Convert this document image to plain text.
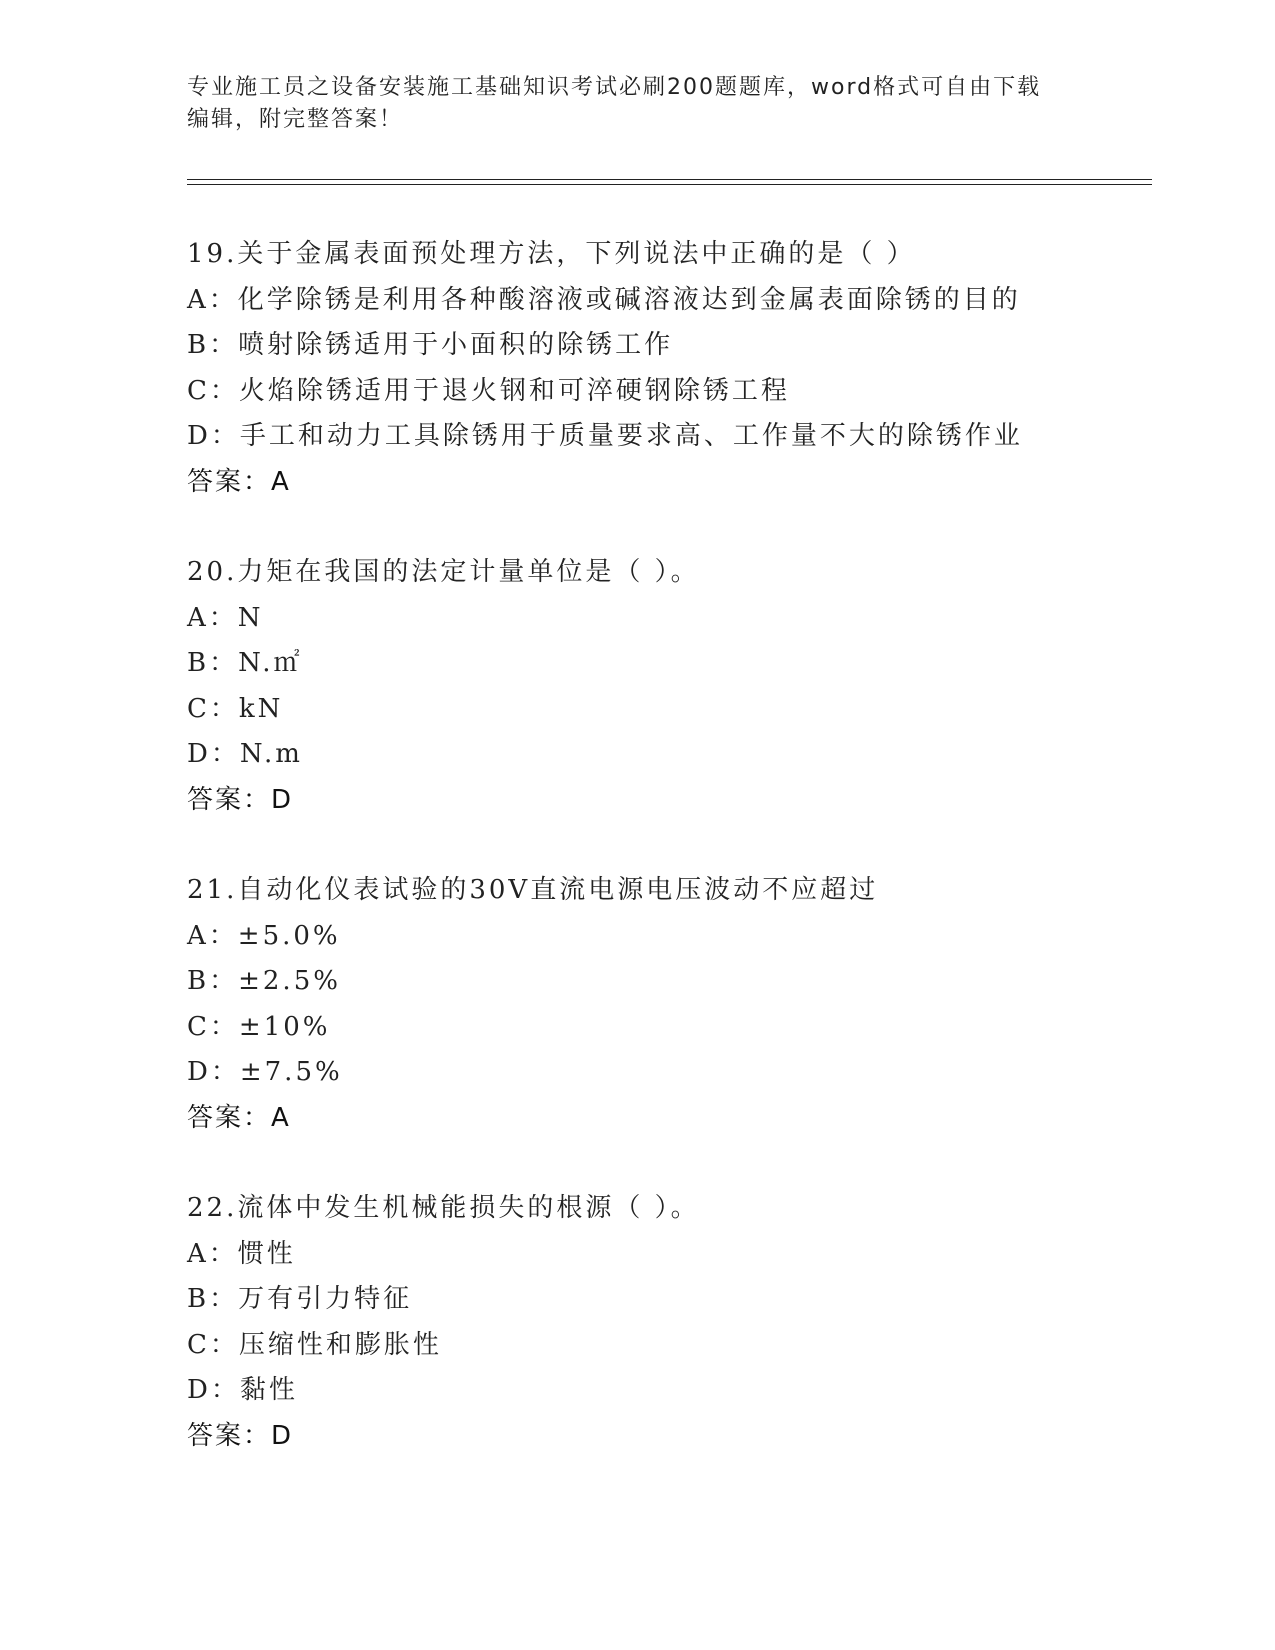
专业施工员之设备安装施工基础知识考试必刷200题题库，word格式可自由下载
编辑，附完整答案！
19.关于金属表面预处理方法，下列说法中正确的是（ ）
A：化学除锈是利用各种酸溶液或碱溶液达到金属表面除锈的目的
B：喷射除锈适用于小面积的除锈工作
C：火焰除锈适用于退火钢和可淬硬钢除锈工程
D：手工和动力工具除锈用于质量要求高、工作量不大的除锈作业
答案：A
20.力矩在我国的法定计量单位是（ ）。
A：N
B：N.㎡
C：kN
D：N.m
答案：D
21.自动化仪表试验的30V直流电源电压波动不应超过
A：±5.0%
B：±2.5%
C：±10%
D：±7.5%
答案：A
22.流体中发生机械能损失的根源（ ）。
A：惯性
B：万有引力特征
C：压缩性和膨胀性
D：黏性
答案：D
